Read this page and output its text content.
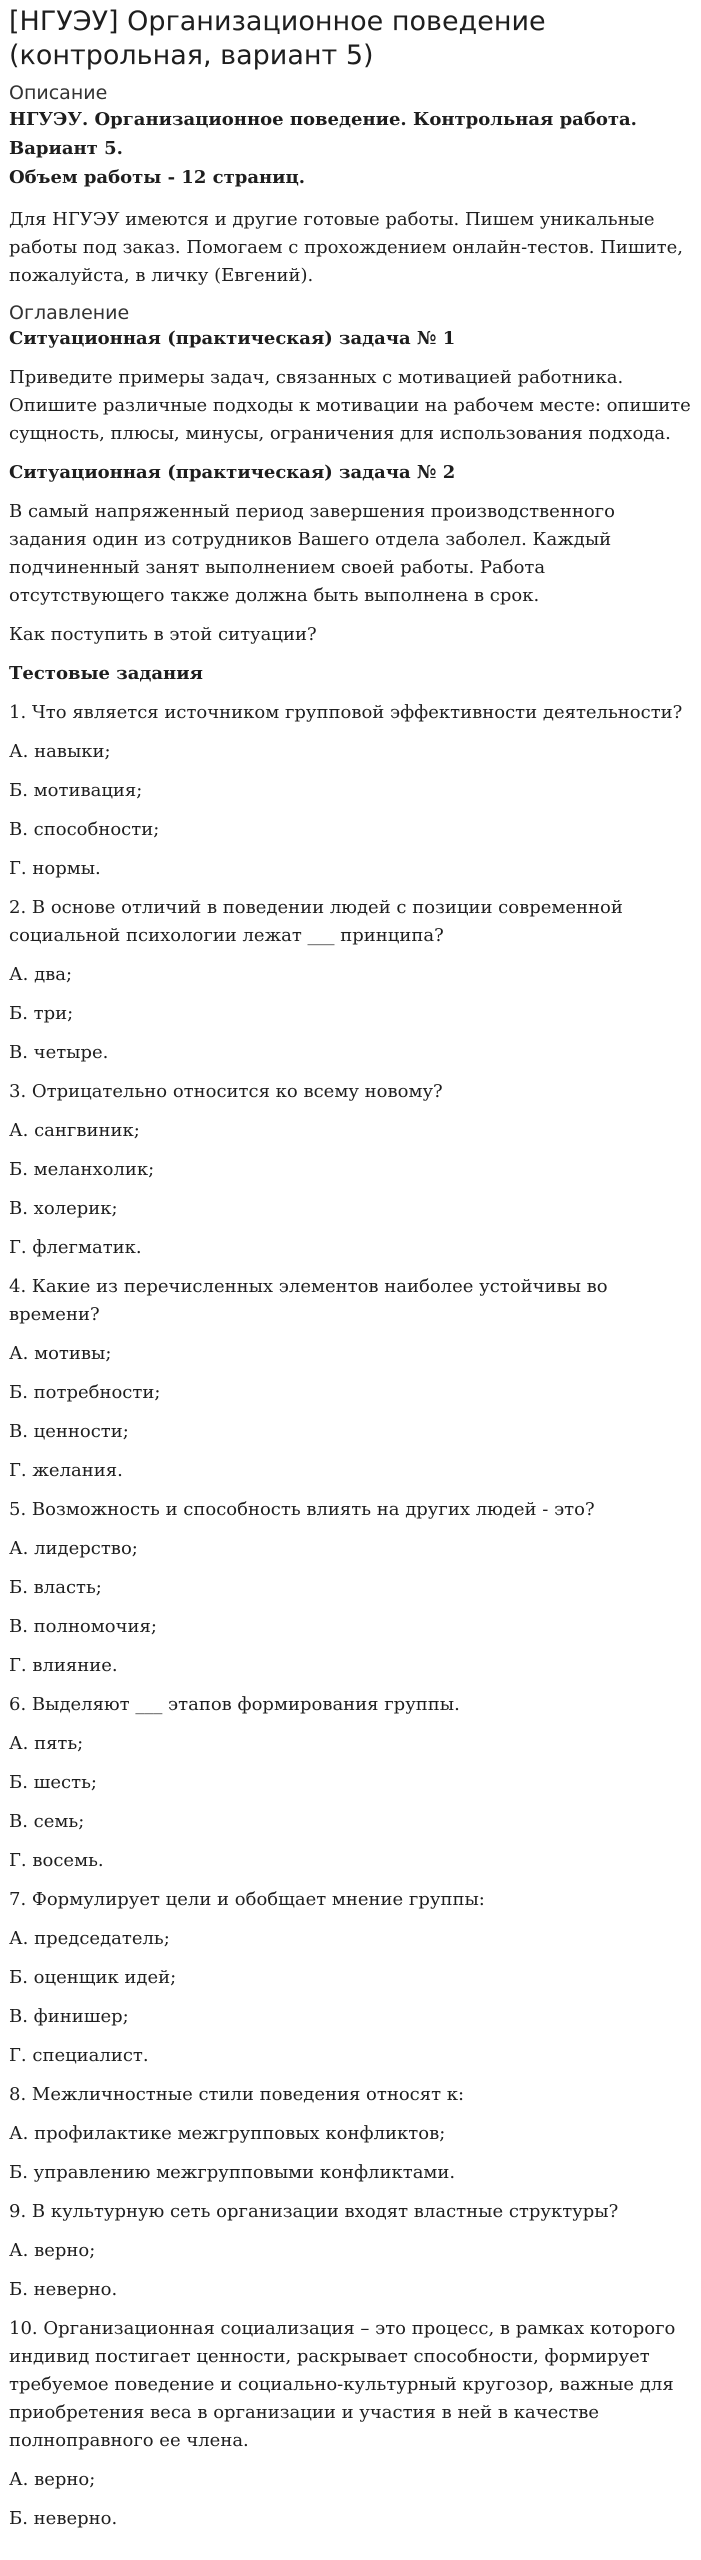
[НГУЭУ] Организационное поведение (контрольная, вариант 5)
Описание
НГУЭУ. Организационное поведение. Контрольная работа. Вариант 5.
Объем работы - 12 страниц.

Для НГУЭУ имеются и другие готовые работы. Пишем уникальные работы под заказ. Помогаем с прохождением онлайн-тестов. Пишите, пожалуйста, в личку (Евгений).

Оглавление
Ситуационная (практическая) задача № 1

Приведите примеры задач, связанных с мотивацией работника. Опишите различные подходы к мотивации на рабочем месте: опишите сущность, плюсы, минусы, ограничения для использования подхода.

Ситуационная (практическая) задача № 2

В самый напряженный период завершения производственного задания один из сотрудников Вашего отдела заболел. Каждый подчиненный занят выполнением своей работы. Работа отсутствующего также должна быть выполнена в срок.

Как поступить в этой ситуации?

Тестовые задания

1. Что является источником групповой эффективности деятельности?

А. навыки;

Б. мотивация;

В. способности;

Г. нормы.

2. В основе отличий в поведении людей с позиции современной социальной психологии лежат ___ принципа?

А. два;

Б. три;

В. четыре.

3. Отрицательно относится ко всему новому?

А. сангвиник;

Б. меланхолик;

В. холерик;

Г. флегматик.

4. Какие из перечисленных элементов наиболее устойчивы во времени?

А. мотивы;

Б. потребности;

В. ценности;

Г. желания.

5. Возможность и способность влиять на других людей - это?

А. лидерство;

Б. власть;

В. полномочия;

Г. влияние.

6. Выделяют ___ этапов формирования группы.

А. пять;

Б. шесть;

В. семь;

Г. восемь.

7. Формулирует цели и обобщает мнение группы:

А. председатель;

Б. оценщик идей;

В. финишер;

Г. специалист.

8. Межличностные стили поведения относят к:

А. профилактике межгрупповых конфликтов;

Б. управлению межгрупповыми конфликтами.

9. В культурную сеть организации входят властные структуры?

А. верно;

Б. неверно.

10. Организационная социализация – это процесс, в рамках которого индивид постигает ценности, раскрывает способности, формирует требуемое поведение и социально-культурный кругозор, важные для приобретения веса в организации и участия в ней в качестве полноправного ее члена.

А. верно;

Б. неверно.
